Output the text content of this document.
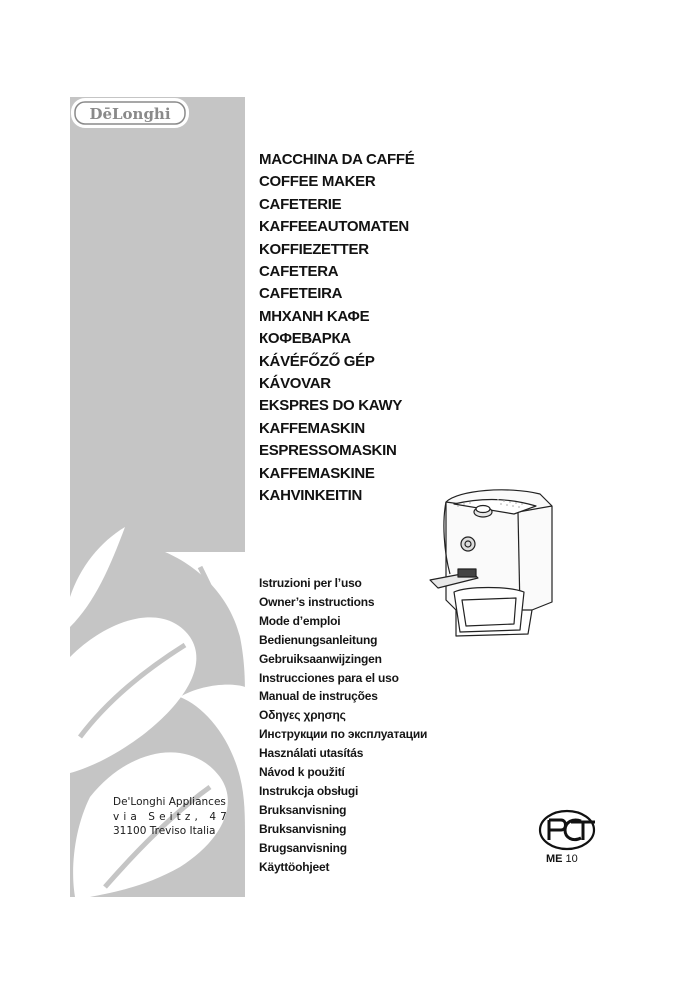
DēLonghi
De'Longhi Appliances
via Seitz, 47
31100 Treviso Italia
MACCHINA DA CAFFÉ
COFFEE MAKER
CAFETERIE
KAFFEEAUTOMATEN
KOFFIEZETTER
CAFETERA
CAFETEIRA
ΜΗΧΑΝΗ ΚΑΦΕ
КОФЕВАРКА
KÁVÉFŐZŐ GÉP
KÁVOVAR
EKSPRES DO KAWY
KAFFEMASKIN
ESPRESSOMASKIN
KAFFEMASKINE
KAHVINKEITIN
Istruzioni per l’uso
Owner’s instructions
Mode d’emploi
Bedienungsanleitung
Gebruiksaanwijzingen
Instrucciones para el uso
Manual de instruções
Οδηγες χρησης
Инструкции по эксплуатации
Használati utasítás
Návod k použití
Instrukcja obsługi
Bruksanvisning
Bruksanvisning
Brugsanvisning
Käyttöohjeet
ME 10
